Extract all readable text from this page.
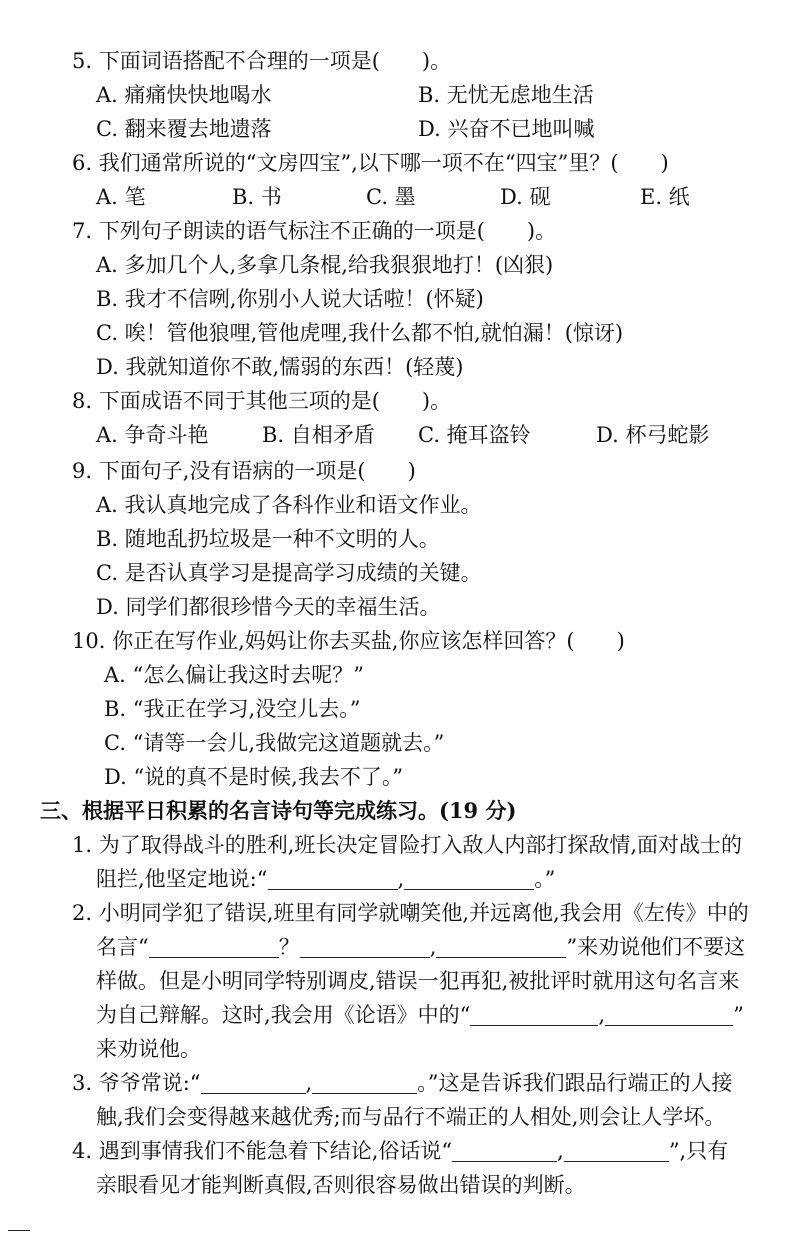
5. 下面词语搭配不合理的一项是(　　)。
A. 痛痛快快地喝水	B. 无忧无虑地生活
C. 翻来覆去地遗落	D. 兴奋不已地叫喊
6. 我们通常所说的“文房四宝”,以下哪一项不在“四宝”里？(　　)
A. 笔	B. 书	C. 墨	D. 砚	E. 纸
7. 下列句子朗读的语气标注不正确的一项是(　　)。
A. 多加几个人,多拿几条棍,给我狠狠地打！(凶狠)
B. 我才不信咧,你别小人说大话啦！(怀疑)
C. 唉！管他狼哩,管他虎哩,我什么都不怕,就怕漏！(惊讶)
D. 我就知道你不敢,懦弱的东西！(轻蔑)
8. 下面成语不同于其他三项的是(　　)。
A. 争奇斗艳	B. 自相矛盾 C. 掩耳盗铃	D. 杯弓蛇影
9. 下面句子,没有语病的一项是(　　)
A. 我认真地完成了各科作业和语文作业。
B. 随地乱扔垃圾是一种不文明的人。
C. 是否认真学习是提高学习成绩的关键。
D. 同学们都很珍惜今天的幸福生活。
10. 你正在写作业,妈妈让你去买盐,你应该怎样回答？(　　)
A. “怎么偏让我这时去呢？”
B. “我正在学习,没空儿去。”
C. “请等一会儿,我做完这道题就去。”
D. “说的真不是时候,我去不了。”
三、根据平日积累的名言诗句等完成练习。(19 分)
1. 为了取得战斗的胜利,班长决定冒险打入敌人内部打探敌情,面对战士的
阻拦,他坚定地说:“	,	。”
2. 小明同学犯了错误,班里有同学就嘲笑他,并远离他,我会用《左传》中的
名言“	？	,	”来劝说他们不要这
样做。但是小明同学特别调皮,错误一犯再犯,被批评时就用这句名言来
为自己辩解。这时,我会用《论语》中的“	,	”
来劝说他。
3. 爷爷常说:“	,	。”这是告诉我们跟品行端正的人接
触,我们会变得越来越优秀;而与品行不端正的人相处,则会让人学坏。
4. 遇到事情我们不能急着下结论,俗话说“	,	”,只有
亲眼看见才能判断真假,否则很容易做出错误的判断。
